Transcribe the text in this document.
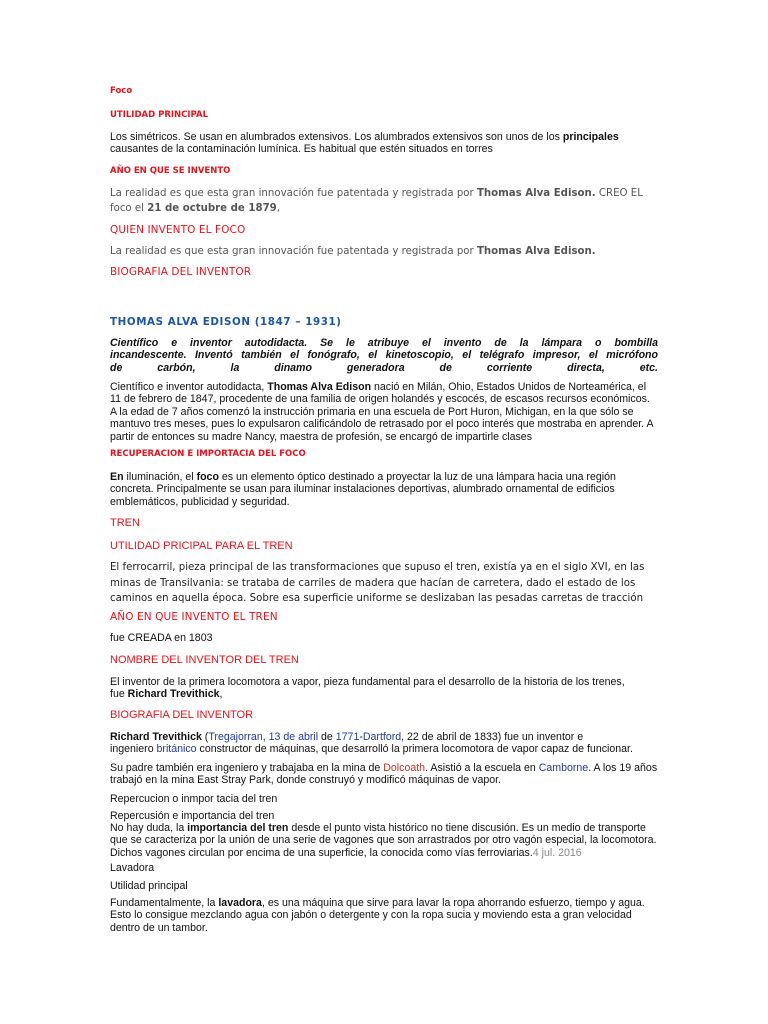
Foco

UTILIDAD PRINCIPAL

Los simétricos. Se usan en alumbrados extensivos. Los alumbrados extensivos son unos de los principales causantes de la contaminación lumínica. Es habitual que estén situados en torres

AÑO EN QUE SE INVENTO

La realidad es que esta gran innovación fue patentada y registrada por Thomas Alva Edison. CREO EL foco el 21 de octubre de 1879,

QUIEN INVENTO EL FOCO

La realidad es que esta gran innovación fue patentada y registrada por Thomas Alva Edison.

BIOGRAFIA DEL INVENTOR

THOMAS ALVA EDISON (1847 – 1931)

Científico e inventor autodidacta. Se le atribuye el invento de la lámpara o bombilla
incandescente. Inventó también el fonógrafo, el kinetoscopio, el telégrafo impresor, el micrófono
de carbón, la dinamo generadora de corriente directa, etc.

Científico e inventor autodidacta, Thomas Alva Edison nació en Milán, Ohio, Estados Unidos de Norteamérica, el 11 de febrero de 1847, procedente de una familia de origen holandés y escocés, de escasos recursos económicos. A la edad de 7 años comenzó la instrucción primaria en una escuela de Port Huron, Michigan, en la que sólo se mantuvo tres meses, pues lo expulsaron calificándolo de retrasado por el poco interés que mostraba en aprender. A partir de entonces su madre Nancy, maestra de profesión, se encargó de impartirle clases

RECUPERACION E IMPORTACIA DEL FOCO

En iluminación, el foco es un elemento óptico destinado a proyectar la luz de una lámpara hacia una región concreta. Principalmente se usan para iluminar instalaciones deportivas, alumbrado ornamental de edificios emblemáticos, publicidad y seguridad.

TREN

UTILIDAD PRICIPAL PARA EL TREN

El ferrocarril, pieza principal de las transformaciones que supuso el tren, existía ya en el siglo XVI, en las minas de Transilvania: se trataba de carriles de madera que hacían de carretera, dado el estado de los caminos en aquella época. Sobre esa superficie uniforme se deslizaban las pesadas carretas de tracción

AÑO EN QUE INVENTO EL TREN

fue CREADA en 1803

NOMBRE DEL INVENTOR DEL TREN

El inventor de la primera locomotora a vapor, pieza fundamental para el desarrollo de la historia de los trenes,
fue Richard Trevithick,

BIOGRAFIA DEL INVENTOR

Richard Trevithick (Tregajorran, 13 de abril de 1771-Dartford, 22 de abril de 1833) fue un inventor e
ingeniero británico constructor de máquinas, que desarrolló la primera locomotora de vapor capaz de funcionar.

Su padre también era ingeniero y trabajaba en la mina de Dolcoath. Asistió a la escuela en Camborne. A los 19 años trabajó en la mina East Stray Park, donde construyó y modificó máquinas de vapor.

Repercucion o inmpor tacia del tren

Repercusión e importancia del tren

No hay duda, la importancia del tren desde el punto vista histórico no tiene discusión. Es un medio de transporte que se caracteriza por la unión de una serie de vagones que son arrastrados por otro vagón especial, la locomotora. Dichos vagones circulan por encima de una superficie, la conocida como vías ferroviarias.4 jul. 2016

Lavadora

Utilidad principal

Fundamentalmente, la lavadora, es una máquina que sirve para lavar la ropa ahorrando esfuerzo, tiempo y agua. Esto lo consigue mezclando agua con jabón o detergente y con la ropa sucia y moviendo esta a gran velocidad dentro de un tambor.
